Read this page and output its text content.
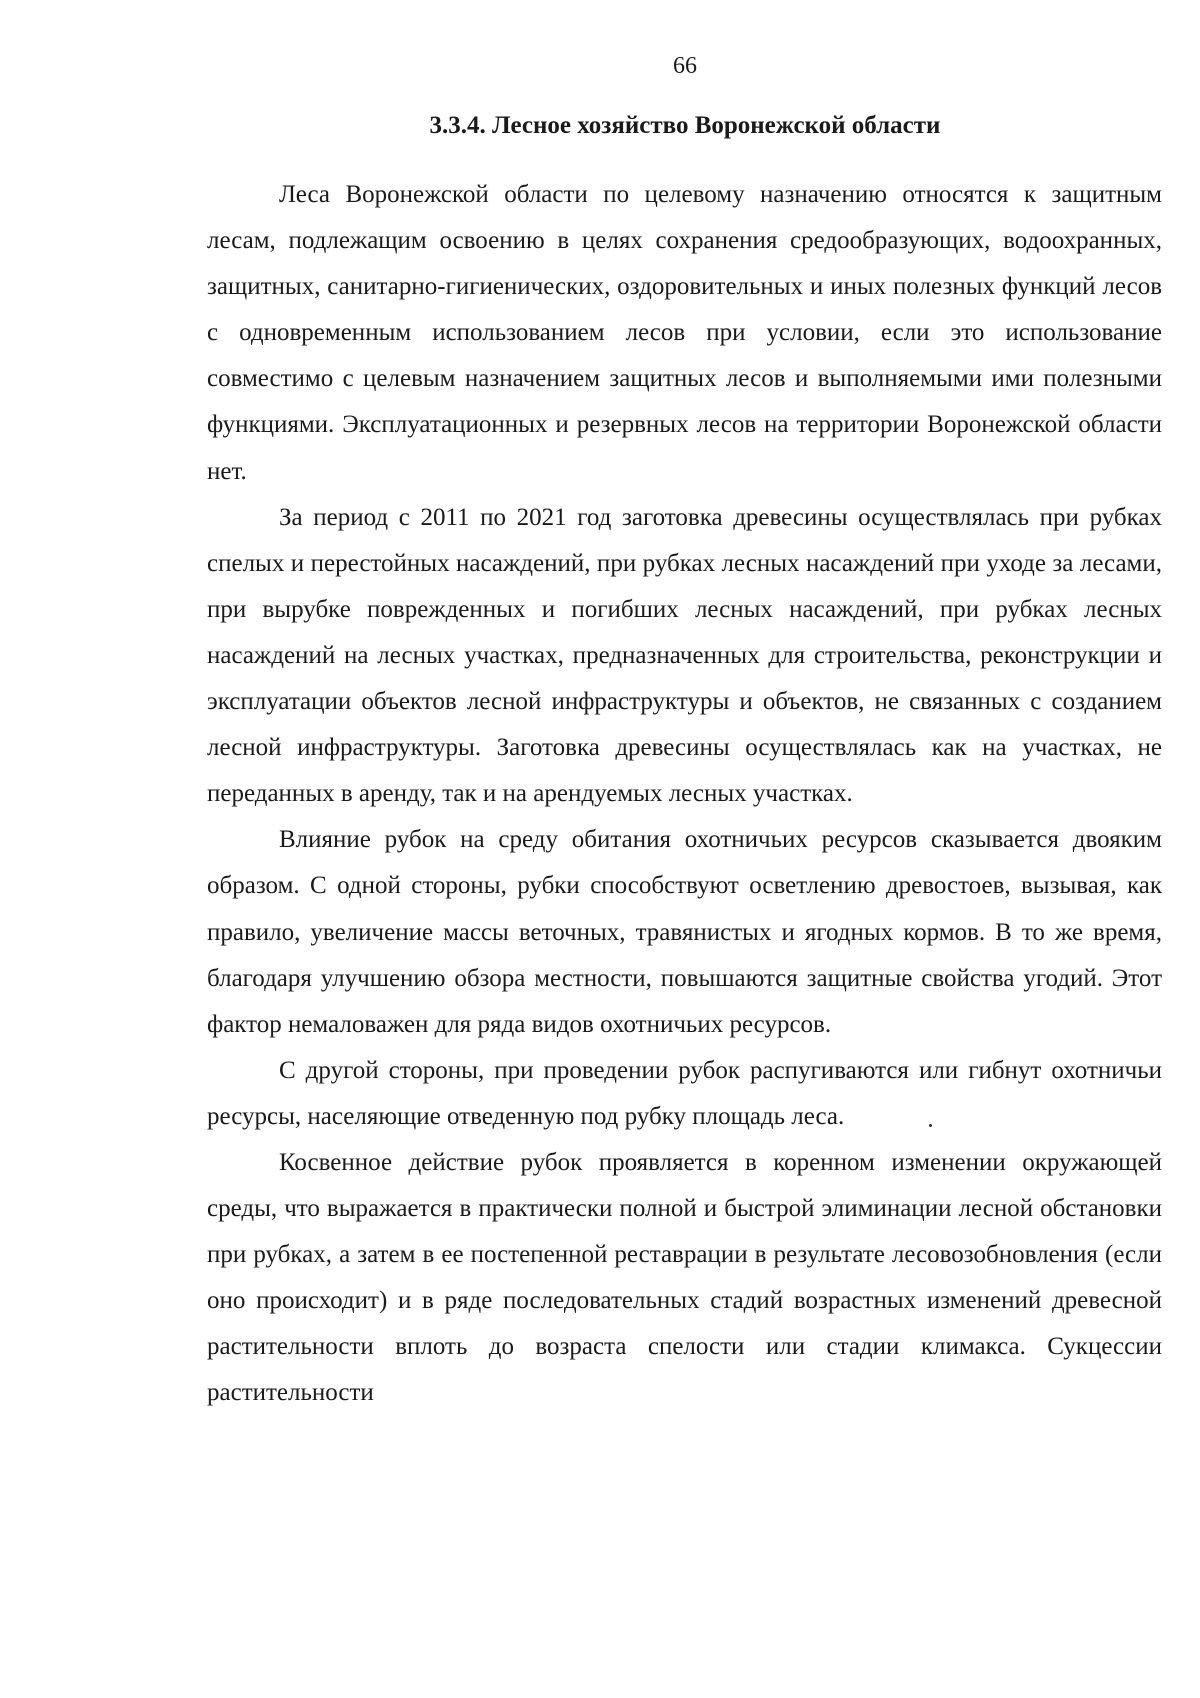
66
3.3.4. Лесное хозяйство Воронежской области

Леса Воронежской области по целевому назначению относятся к защитным лесам, подлежащим освоению в целях сохранения средообразующих, водоохранных, защитных, санитарно-гигиенических, оздоровительных и иных полезных функций лесов с одновременным использованием лесов при условии, если это использование совместимо с целевым назначением защитных лесов и выполняемыми ими полезными функциями. Эксплуатационных и резервных лесов на территории Воронежской области нет.

За период с 2011 по 2021 год заготовка древесины осуществлялась при рубках спелых и перестойных насаждений, при рубках лесных насаждений при уходе за лесами, при вырубке поврежденных и погибших лесных насаждений, при рубках лесных насаждений на лесных участках, предназначенных для строительства, реконструкции и эксплуатации объектов лесной инфраструктуры и объектов, не связанных с созданием лесной инфраструктуры. Заготовка древесины осуществлялась как на участках, не переданных в аренду, так и на арендуемых лесных участках.

Влияние рубок на среду обитания охотничьих ресурсов сказывается двояким образом. С одной стороны, рубки способствуют осветлению древостоев, вызывая, как правило, увеличение массы веточных, травянистых и ягодных кормов. В то же время, благодаря улучшению обзора местности, повышаются защитные свойства угодий. Этот фактор немаловажен для ряда видов охотничьих ресурсов.

С другой стороны, при проведении рубок распугиваются или гибнут охотничьи ресурсы, населяющие отведенную под рубку площадь леса.

Косвенное действие рубок проявляется в коренном изменении окружающей среды, что выражается в практически полной и быстрой элиминации лесной обстановки при рубках, а затем в ее постепенной реставрации в результате лесовозобновления (если оно происходит) и в ряде последовательных стадий возрастных изменений древесной растительности вплоть до возраста спелости или стадии климакса. Сукцессии растительности
